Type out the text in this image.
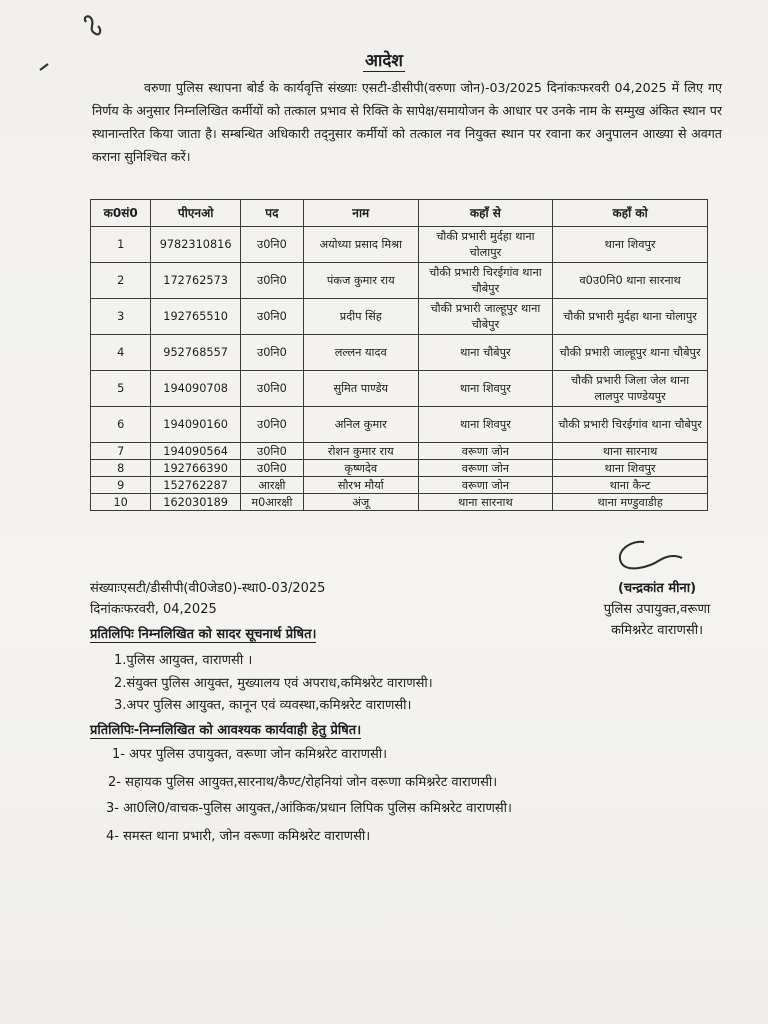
आदेश
वरुणा पुलिस स्थापना बोर्ड के कार्यवृत्ति संख्याः एसटी-डीसीपी(वरुणा जोन)-03/2025 दिनांकःफरवरी 04,2025 में लिए गए निर्णय के अनुसार निम्नलिखित कर्मीयों को तत्काल प्रभाव से रिक्ति के सापेक्ष/समायोजन के आधार पर उनके नाम के सम्मुख अंकित स्थान पर स्थानान्तरित किया जाता है। सम्बन्धित अधिकारी तद्नुसार कर्मीयों को तत्काल नव नियुक्त स्थान पर रवाना कर अनुपालन आख्या से अवगत कराना सुनिश्चित करें।
क0सं0	पीएनओ	पद	नाम	कहाँ से	कहाँ को
1	9782310816	उ0नि0	अयोध्या प्रसाद मिश्रा	चौकी प्रभारी मुर्दहा थाना चोलापुर	थाना शिवपुर
2	172762573	उ0नि0	पंकज कुमार राय	चौकी प्रभारी चिरईगांव थाना चौबेपुर	व0उ0नि0 थाना सारनाथ
3	192765510	उ0नि0	प्रदीप सिंह	चौकी प्रभारी जाल्हूपुर थाना चौबेपुर	चौकी प्रभारी मुर्दहा थाना चोलापुर
4	952768557	उ0नि0	लल्लन यादव	थाना चौबेपुर	चौकी प्रभारी जाल्हूपुर थाना चौबेपुर
5	194090708	उ0नि0	सुमित पाण्डेय	थाना शिवपुर	चौकी प्रभारी जिला जेल थाना लालपुर पाण्डेयपुर
6	194090160	उ0नि0	अनिल कुमार	थाना शिवपुर	चौकी प्रभारी चिरईगांव थाना चौबेपुर
7	194090564	उ0नि0	रोशन कुमार राय	वरूणा जोन	थाना सारनाथ
8	192766390	उ0नि0	कृष्णदेव	वरूणा जोन	थाना शिवपुर
9	152762287	आरक्षी	सौरभ मौर्या	वरूणा जोन	थाना कैन्ट
10	162030189	म0आरक्षी	अंजू	थाना सारनाथ	थाना मण्डुवाडीह
(चन्द्रकांत मीना)
पुलिस उपायुक्त,वरूणा
कमिश्नरेट वाराणसी।
संख्याःएसटी/डीसीपी(वी0जेड0)-स्था0-03/2025
दिनांकःफरवरी, 04,2025
प्रतिलिपिः निम्नलिखित को सादर सूचनार्थ प्रेषित।
1.पुलिस आयुक्त, वाराणसी ।
2.संयुक्त पुलिस आयुक्त, मुख्यालय एवं अपराध,कमिश्नरेट वाराणसी।
3.अपर पुलिस आयुक्त, कानून एवं व्यवस्था,कमिश्नरेट वाराणसी।
प्रतिलिपिः-निम्नलिखित को आवश्यक कार्यवाही हेतु प्रेषित।
1- अपर पुलिस उपायुक्त, वरूणा जोन कमिश्नरेट वाराणसी।
2- सहायक पुलिस आयुक्त,सारनाथ/कैण्ट/रोहनियां जोन वरूणा कमिश्नरेट वाराणसी।
3- आ0लि0/वाचक-पुलिस आयुक्त,/आंकिक/प्रधान लिपिक पुलिस कमिश्नरेट वाराणसी।
4- समस्त थाना प्रभारी, जोन वरूणा कमिश्नरेट वाराणसी।
